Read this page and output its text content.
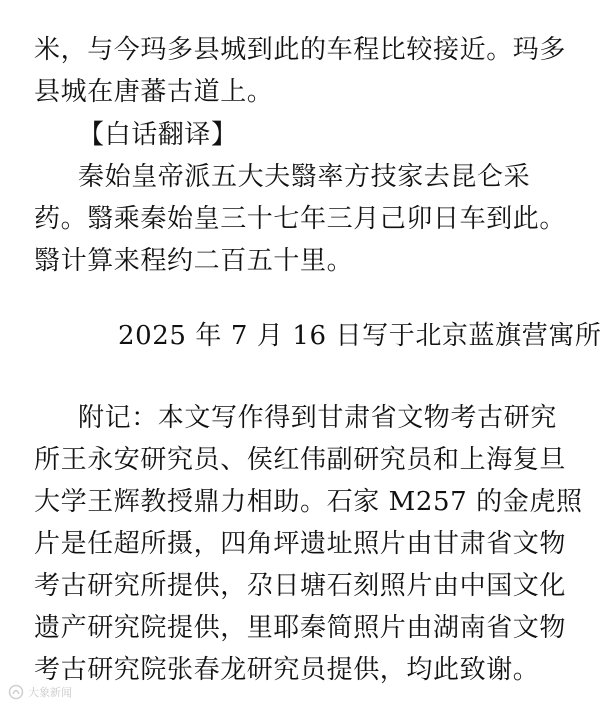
米，与今玛多县城到此的车程比较接近。玛多
县城在唐蕃古道上。
【白话翻译】
秦始皇帝派五大夫翳率方技家去昆仑采
药。翳乘秦始皇三十七年三月己卯日车到此。
翳计算来程约二百五十里。
2025 年 7 月 16 日写于北京蓝旗营寓所
附记：本文写作得到甘肃省文物考古研究
所王永安研究员、侯红伟副研究员和上海复旦
大学王辉教授鼎力相助。石家 M257 的金虎照
片是任超所摄，四角坪遗址照片由甘肃省文物
考古研究所提供，尕日塘石刻照片由中国文化
遗产研究院提供，里耶秦简照片由湖南省文物
考古研究院张春龙研究员提供，均此致谢。
大象新闻
